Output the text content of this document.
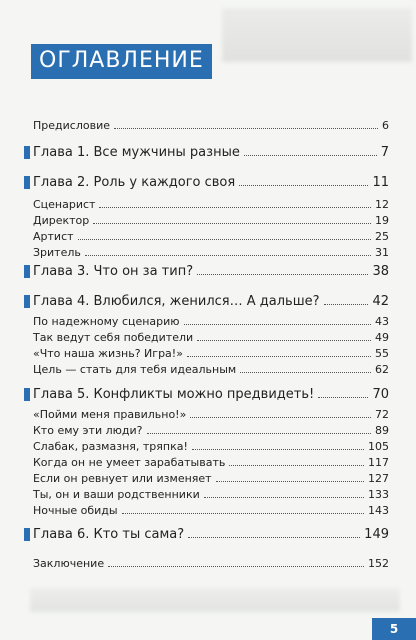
ОГЛАВЛЕНИЕ
Предисловие	6
Глава 1. Все мужчины разные	7
Глава 2. Роль у каждого своя	11
Сценарист	12
Директор	19
Артист	25
Зритель	31
Глава 3. Что он за тип?	38
Глава 4. Влюбился, женился… А дальше?	42
По надежному сценарию	43
Так ведут себя победители	49
«Что наша жизнь? Игра!»	55
Цель — стать для тебя идеальным	62
Глава 5. Конфликты можно предвидеть!	70
«Пойми меня правильно!»	72
Кто ему эти люди?	89
Слабак, размазня, тряпка!	105
Когда он не умеет зарабатывать	117
Если он ревнует или изменяет	127
Ты, он и ваши родственники	133
Ночные обиды	143
Глава 6. Кто ты сама?	149
Заключение	152
5
